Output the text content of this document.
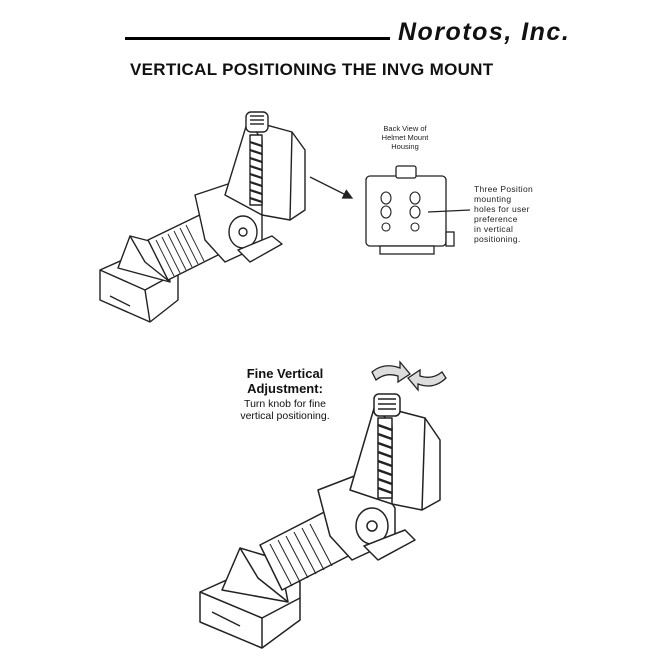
Norotos, Inc.
VERTICAL POSITIONING THE INVG MOUNT
Back View of
Helmet Mount
Housing
Three Position
mounting
holes for user
preference
in vertical
positioning.
Fine Vertical
Adjustment:
Turn knob for fine
vertical positioning.
